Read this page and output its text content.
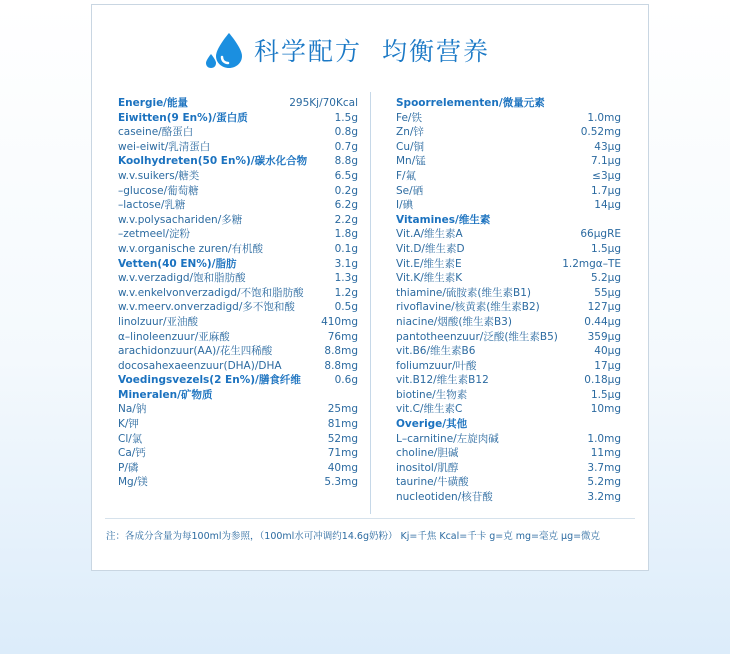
科学配方 均衡营养
Energie/能量	295Kj/70Kcal
Eiwitten(9 En%)/蛋白质	1.5g
caseine/酪蛋白	0.8g
wei-eiwit/乳清蛋白	0.7g
Koolhydreten(50 En%)/碳水化合物	8.8g
w.v.suikers/糖类	6.5g
–glucose/葡萄糖	0.2g
–lactose/乳糖	6.2g
w.v.polysachariden/多糖	2.2g
–zetmeel/淀粉	1.8g
w.v.organische zuren/有机酸	0.1g
Vetten(40 EN%)/脂肪	3.1g
w.v.verzadigd/饱和脂肪酸	1.3g
w.v.enkelvonverzadigd/不饱和脂肪酸	1.2g
w.v.meerv.onverzadigd/多不饱和酸	0.5g
linolzuur/亚油酸	410mg
α–linoleenzuur/亚麻酸	76mg
arachidonzuur(AA)/花生四稀酸	8.8mg
docosahexaeenzuur(DHA)/DHA	8.8mg
Voedingsvezels(2 En%)/膳食纤维	0.6g
Mineralen/矿物质
Na/钠	25mg
K/钾	81mg
Cl/氯	52mg
Ca/钙	71mg
P/磷	40mg
Mg/镁	5.3mg
Spoorrelementen/微量元素
Fe/铁	1.0mg
Zn/锌	0.52mg
Cu/铜	43μg
Mn/锰	7.1μg
F/氟	≤3μg
Se/硒	1.7μg
I/碘	14μg
Vitamines/维生素
Vit.A/维生素A	66μgRE
Vit.D/维生素D	1.5μg
Vit.E/维生素E	1.2mgα–TE
Vit.K/维生素K	5.2μg
thiamine/硫胺素(维生素B1)	55μg
rivoflavine/核黄素(维生素B2)	127μg
niacine/烟酸(维生素B3)	0.44μg
pantotheenzuur/泛酸(维生素B5)	359μg
vit.B6/维生素B6	40μg
foliumzuur/叶酸	17μg
vit.B12/维生素B12	0.18μg
biotine/生物素	1.5μg
vit.C/维生素C	10mg
Overige/其他
L–carnitine/左旋肉碱	1.0mg
choline/胆碱	11mg
inositol/肌醇	3.7mg
taurine/牛磺酸	5.2mg
nucleotiden/核苷酸	3.2mg
注：各成分含量为每100ml为参照，（100ml水可冲调约14.6g奶粉） Kj=千焦 Kcal=千卡 g=克 mg=毫克 μg=微克
